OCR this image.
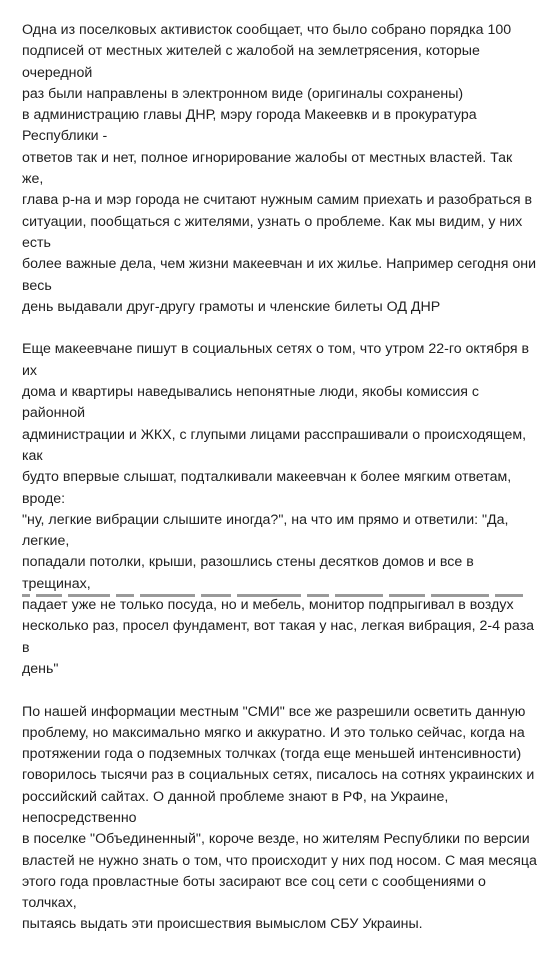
Одна из поселковых активисток сообщает, что было собрано порядка 100
подписей от местных жителей с жалобой на землетрясения, которые очередной
раз были направлены в электронном виде (оригиналы сохранены)
в администрацию главы ДНР, мэру города Макеевкв и в прокуратура Республики -
ответов так и нет, полное игнорирование жалобы от местных властей. Так же,
глава р-на и мэр города не считают нужным самим приехать и разобраться в
ситуации, пообщаться с жителями, узнать о проблеме. Как мы видим, у них есть
более важные дела, чем жизни макеевчан и их жилье. Например сегодня они весь
день выдавали друг-другу грамоты и членские билеты ОД ДНР

Еще макеевчане пишут в социальных сетях о том, что утром 22-го октября в их
дома и квартиры наведывались непонятные люди, якобы комиссия с районной
администрации и ЖКХ, с глупыми лицами расспрашивали о происходящем, как
будто впервые слышат, подталкивали макеевчан к более мягким ответам, вроде:
"ну, легкие вибрации слышите иногда?", на что им прямо и ответили: "Да, легкие,
попадали потолки, крыши, разошлись стены десятков домов и все в трещинах,
падает уже не только посуда, но и мебель, монитор подпрыгивал в воздух
несколько раз, просел фундамент, вот такая у нас, легкая вибрация, 2-4 раза в
день"

По нашей информации местным "СМИ" все же разрешили осветить данную
проблему, но максимально мягко и аккуратно. И это только сейчас, когда на
протяжении года о подземных толчках (тогда еще меньшей интенсивности)
говорилось тысячи раз в социальных сетях, писалось на сотнях украинских и
российский сайтах. О данной проблеме знают в РФ, на Украине, непосредственно
в поселке "Объединенный", короче везде, но жителям Республики по версии
властей не нужно знать о том, что происходит у них под носом. С мая месяца
этого года провластные боты засирают все соц сети с сообщениями о толчках,
пытаясь выдать эти происшествия вымыслом СБУ Украины.
